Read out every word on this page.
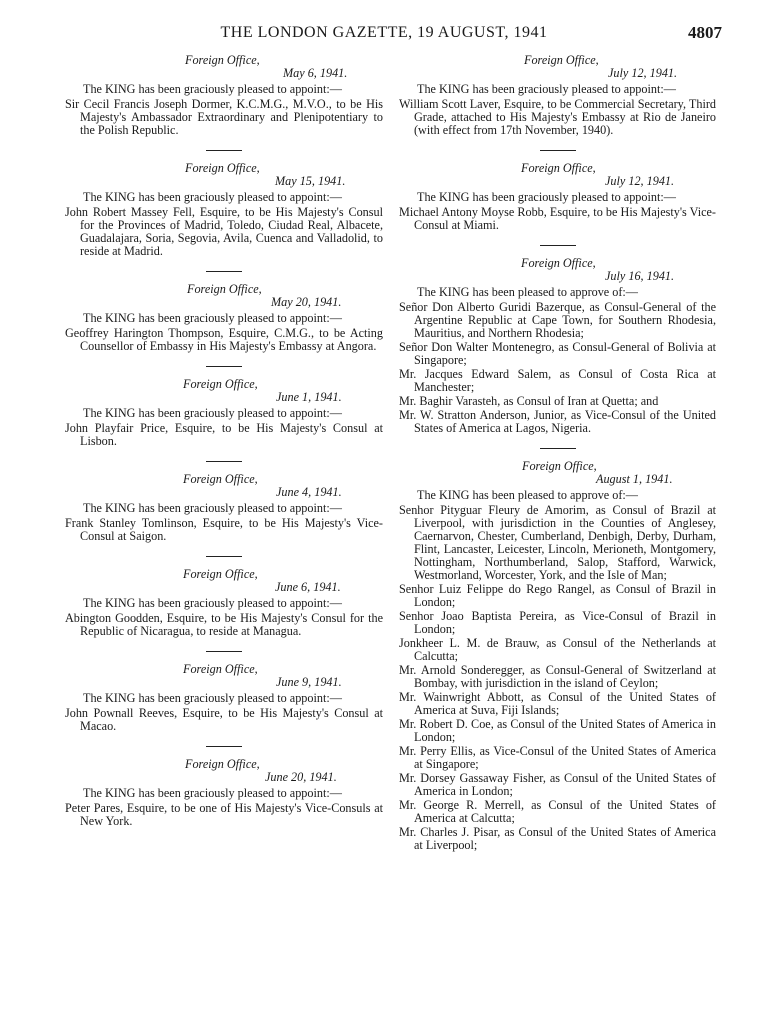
THE LONDON GAZETTE, 19 AUGUST, 1941	4807

Foreign Office,

May 6, 1941.

The KING has been graciously pleased to appoint:—

Sir Cecil Francis Joseph Dormer, K.C.M.G., M.V.O., to be His Majesty's Ambassador Extraordinary and Plenipotentiary to the Polish Republic.

Foreign Office,

May 15, 1941.

The KING has been graciously pleased to appoint:—

John Robert Massey Fell, Esquire, to be His Majesty's Consul for the Provinces of Madrid, Toledo, Ciudad Real, Albacete, Guadalajara, Soria, Segovia, Avila, Cuenca and Valladolid, to reside at Madrid.

Foreign Office,

May 20, 1941.

The KING has been graciously pleased to appoint:—

Geoffrey Harington Thompson, Esquire, C.M.G., to be Acting Counsellor of Embassy in His Majesty's Embassy at Angora.

Foreign Office,

June 1, 1941.

The KING has been graciously pleased to appoint:—

John Playfair Price, Esquire, to be His Majesty's Consul at Lisbon.

Foreign Office,

June 4, 1941.

The KING has been graciously pleased to appoint:—

Frank Stanley Tomlinson, Esquire, to be His Majesty's Vice-Consul at Saigon.

Foreign Office,

June 6, 1941.

The KING has been graciously pleased to appoint:—

Abington Goodden, Esquire, to be His Majesty's Consul for the Republic of Nicaragua, to reside at Managua.

Foreign Office,

June 9, 1941.

The KING has been graciously pleased to appoint:—

John Pownall Reeves, Esquire, to be His Majesty's Consul at Macao.

Foreign Office,

June 20, 1941.

The KING has been graciously pleased to appoint:—

Peter Pares, Esquire, to be one of His Majesty's Vice-Consuls at New York.

Foreign Office,

July 12, 1941.

The KING has been graciously pleased to appoint:—

William Scott Laver, Esquire, to be Commercial Secretary, Third Grade, attached to His Majesty's Embassy at Rio de Janeiro (with effect from 17th November, 1940).

Foreign Office,

July 12, 1941.

The KING has been graciously pleased to appoint:—

Michael Antony Moyse Robb, Esquire, to be His Majesty's Vice-Consul at Miami.

Foreign Office,

July 16, 1941.

The KING has been pleased to approve of:—

Señor Don Alberto Guridi Bazerque, as Consul-General of the Argentine Republic at Cape Town, for Southern Rhodesia, Mauritius, and Northern Rhodesia;

Señor Don Walter Montenegro, as Consul-General of Bolivia at Singapore;

Mr. Jacques Edward Salem, as Consul of Costa Rica at Manchester;

Mr. Baghir Varasteh, as Consul of Iran at Quetta; and

Mr. W. Stratton Anderson, Junior, as Vice-Consul of the United States of America at Lagos, Nigeria.

Foreign Office,

August 1, 1941.

The KING has been pleased to approve of:—

Senhor Pityguar Fleury de Amorim, as Consul of Brazil at Liverpool, with jurisdiction in the Counties of Anglesey, Caernarvon, Chester, Cumberland, Denbigh, Derby, Durham, Flint, Lancaster, Leicester, Lincoln, Merioneth, Montgomery, Nottingham, Northumberland, Salop, Stafford, Warwick, Westmorland, Worcester, York, and the Isle of Man;

Senhor Luiz Felippe do Rego Rangel, as Consul of Brazil in London;

Senhor Joao Baptista Pereira, as Vice-Consul of Brazil in London;

Jonkheer L. M. de Brauw, as Consul of the Netherlands at Calcutta;

Mr. Arnold Sonderegger, as Consul-General of Switzerland at Bombay, with jurisdiction in the island of Ceylon;

Mr. Wainwright Abbott, as Consul of the United States of America at Suva, Fiji Islands;

Mr. Robert D. Coe, as Consul of the United States of America in London;

Mr. Perry Ellis, as Vice-Consul of the United States of America at Singapore;

Mr. Dorsey Gassaway Fisher, as Consul of the United States of America in London;

Mr. George R. Merrell, as Consul of the United States of America at Calcutta;

Mr. Charles J. Pisar, as Consul of the United States of America at Liverpool;
